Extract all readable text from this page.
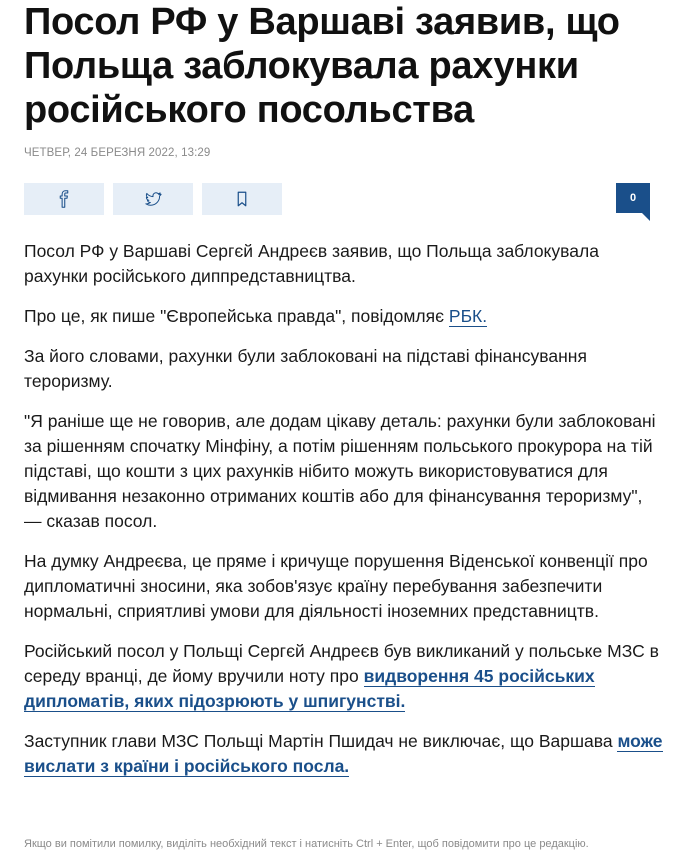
Посол РФ у Варшаві заявив, що Польща заблокувала рахунки російського посольства
ЧЕТВЕР, 24 БЕРЕЗНЯ 2022, 13:29
0

Посол РФ у Варшаві Сергєй Андреєв заявив, що Польща заблокувала рахунки російського диппредставництва.

Про це, як пише "Європейська правда", повідомляє РБК.

За його словами, рахунки були заблоковані на підставі фінансування тероризму.

"Я раніше ще не говорив, але додам цікаву деталь: рахунки були заблоковані за рішенням спочатку Мінфіну, а потім рішенням польського прокурора на тій підставі, що кошти з цих рахунків нібито можуть використовуватися для відмивання незаконно отриманих коштів або для фінансування тероризму", — сказав посол.

На думку Андреєва, це пряме і кричуще порушення Віденської конвенції про дипломатичні зносини, яка зобов'язує країну перебування забезпечити нормальні, сприятливі умови для діяльності іноземних представництв.

Російський посол у Польщі Сергєй Андреєв був викликаний у польське МЗС в середу вранці, де йому вручили ноту про видворення 45 російських дипломатів, яких підозрюють у шпигунстві.

Заступник глави МЗС Польщі Мартін Пшидач не виключає, що Варшава може вислати з країни і російського посла.

Якщо ви помітили помилку, виділіть необхідний текст і натисніть Ctrl + Enter, щоб повідомити про це редакцію.
